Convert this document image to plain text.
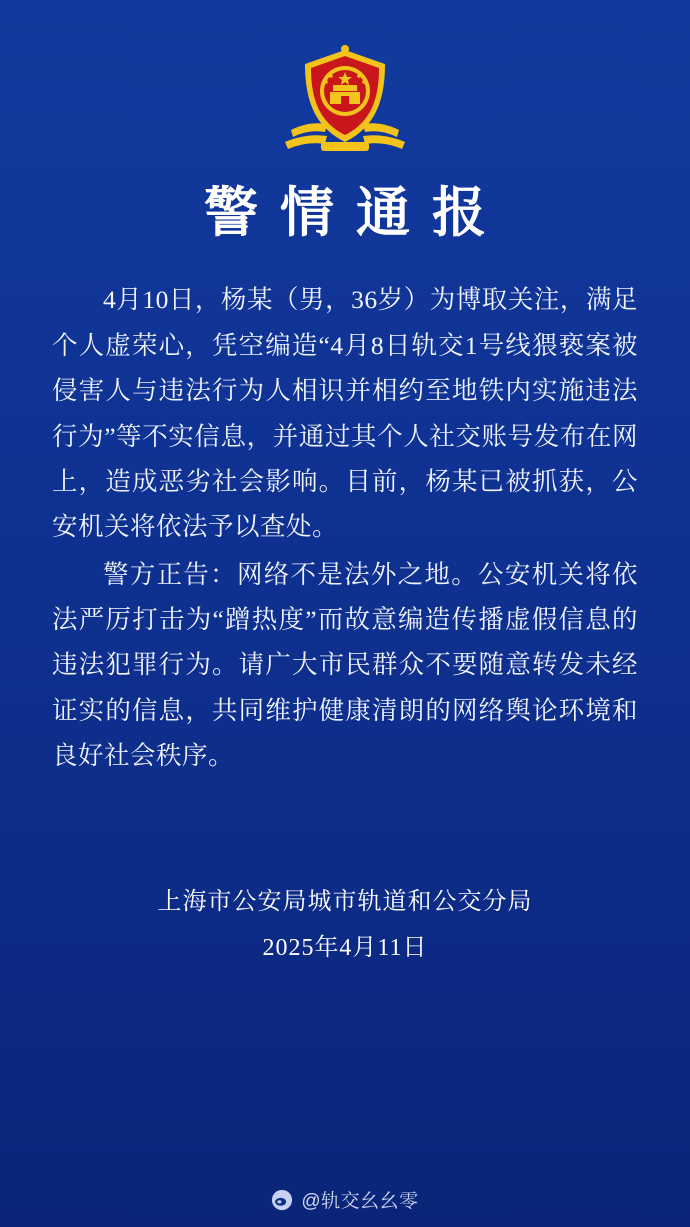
警情通报

4月10日，杨某（男，36岁）为博取关注，满足个人虚荣心，凭空编造“4月8日轨交1号线猥亵案被侵害人与违法行为人相识并相约至地铁内实施违法行为”等不实信息，并通过其个人社交账号发布在网上，造成恶劣社会影响。目前，杨某已被抓获，公安机关将依法予以查处。

警方正告：网络不是法外之地。公安机关将依法严厉打击为“蹭热度”而故意编造传播虚假信息的违法犯罪行为。请广大市民群众不要随意转发未经证实的信息，共同维护健康清朗的网络舆论环境和良好社会秩序。

上海市公安局城市轨道和公交分局
2025年4月11日
@轨交幺幺零
